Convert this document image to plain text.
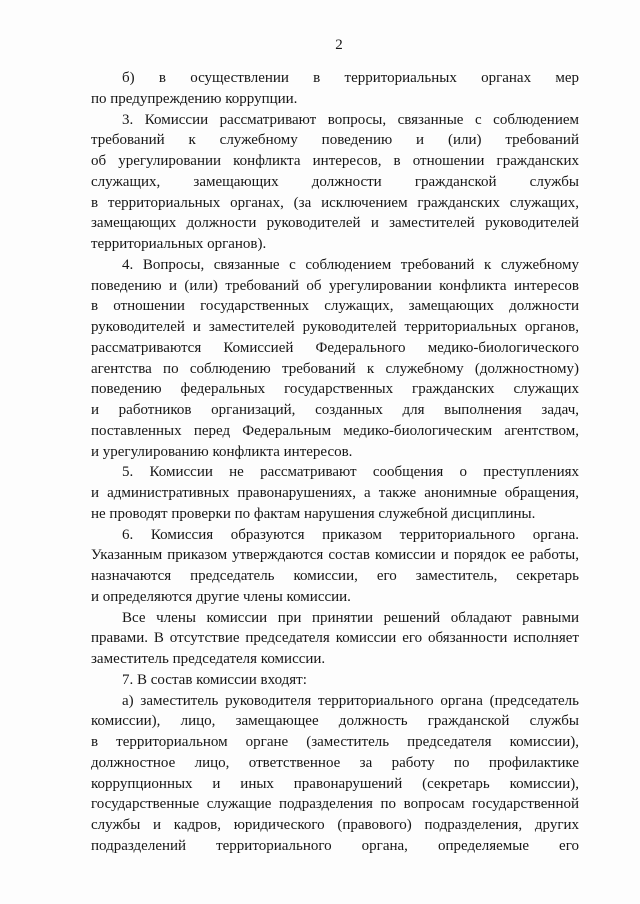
2

б) в осуществлении в территориальных органах мер
по предупреждению коррупции.

3. Комиссии рассматривают вопросы, связанные с соблюдением
требований к служебному поведению и (или) требований
об урегулировании конфликта интересов, в отношении гражданских
служащих, замещающих должности гражданской службы
в территориальных органах, (за исключением гражданских служащих,
замещающих должности руководителей и заместителей руководителей
территориальных органов).

4. Вопросы, связанные с соблюдением требований к служебному
поведению и (или) требований об урегулировании конфликта интересов
в отношении государственных служащих, замещающих должности
руководителей и заместителей руководителей территориальных органов,
рассматриваются Комиссией Федерального медико-биологического
агентства по соблюдению требований к служебному (должностному)
поведению федеральных государственных гражданских служащих
и работников организаций, созданных для выполнения задач,
поставленных перед Федеральным медико-биологическим агентством,
и урегулированию конфликта интересов.

5. Комиссии не рассматривают сообщения о преступлениях
и административных правонарушениях, а также анонимные обращения,
не проводят проверки по фактам нарушения служебной дисциплины.

6. Комиссия образуются приказом территориального органа.
Указанным приказом утверждаются состав комиссии и порядок ее работы,
назначаются председатель комиссии, его заместитель, секретарь
и определяются другие члены комиссии.

Все члены комиссии при принятии решений обладают равными
правами. В отсутствие председателя комиссии его обязанности исполняет
заместитель председателя комиссии.

7. В состав комиссии входят:

а) заместитель руководителя территориального органа (председатель
комиссии), лицо, замещающее должность гражданской службы
в территориальном органе (заместитель председателя комиссии),
должностное лицо, ответственное за работу по профилактике
коррупционных и иных правонарушений (секретарь комиссии),
государственные служащие подразделения по вопросам государственной
службы и кадров, юридического (правового) подразделения, других
подразделений территориального органа, определяемые его
